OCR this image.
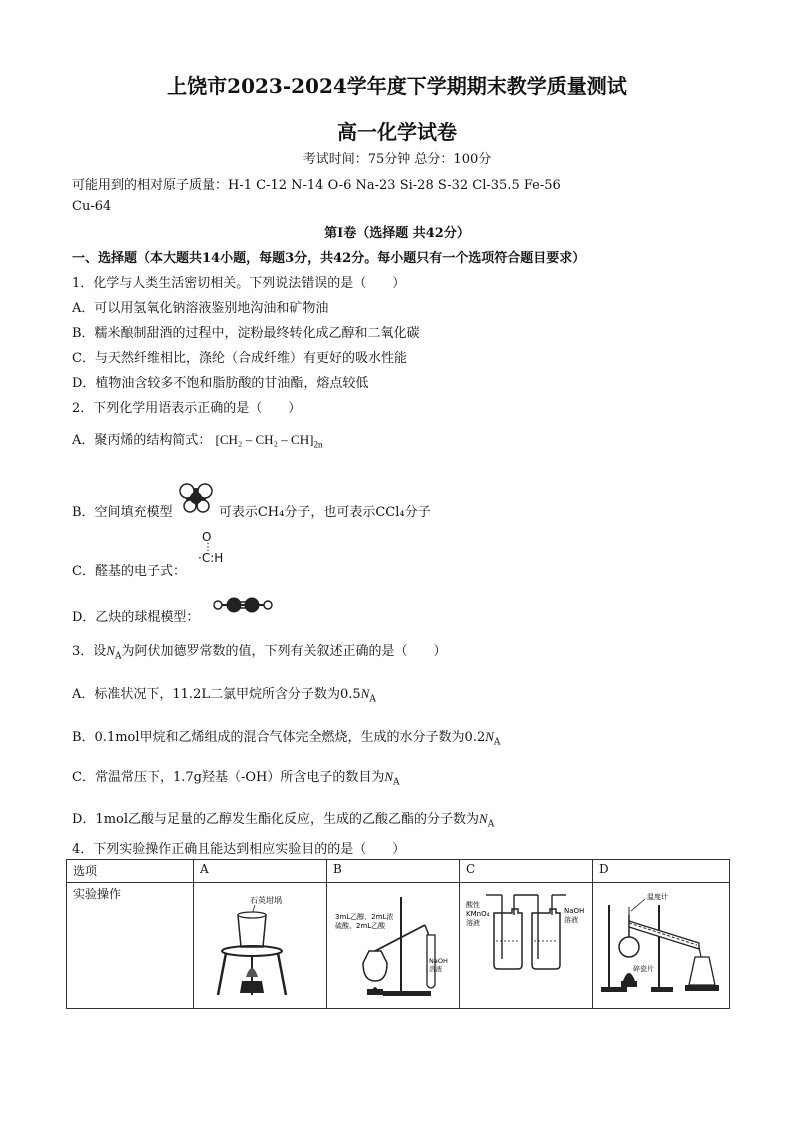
上饶市2023-2024学年度下学期期末教学质量测试
高一化学试卷
考试时间：75分钟 总分：100分
可能用到的相对原子质量：H-1 C-12 N-14 O-6 Na-23 Si-28 S-32 Cl-35.5 Fe-56
Cu-64
第Ⅰ卷（选择题 共42分）
一、选择题（本大题共14小题，每题3分，共42分。每小题只有一个选项符合题目要求）
1．化学与人类生活密切相关。下列说法错误的是（　　）
A．可以用氢氧化钠溶液鉴别地沟油和矿物油
B．糯米酿制甜酒的过程中，淀粉最终转化成乙醇和二氧化碳
C．与天然纤维相比，涤纶（合成纤维）有更好的吸水性能
D．植物油含较多不饱和脂肪酸的甘油酯，熔点较低
2．下列化学用语表示正确的是（　　）
A．聚丙烯的结构简式： $[CH_2 - CH_2 - CH]_{2n}$
B．空间填充模型	可表示CH₄分子，也可表示CCl₄分子
C．醛基的电子式：
O
⋮
·C:H
D．乙炔的球棍模型：
3．设$N_A$为阿伏加德罗常数的值，下列有关叙述正确的是（　　）
A．标准状况下，11.2L二氯甲烷所含分子数为$0.5N_A$
B．0.1mol甲烷和乙烯组成的混合气体完全燃烧，生成的水分子数为$0.2N_A$
C．常温常压下，1.7g羟基（-OH）所含电子的数目为$N_A$
D．1mol乙酸与足量的乙醇发生酯化反应，生成的乙酸乙酯的分子数为$N_A$
4．下列实验操作正确且能达到相应实验目的的是（　　）
选项	A	B	C	D
实验操作	石英坩埚	3mL乙醇、2mL浓
硫酸、2mL乙酸
NaOH
溶液	酸性
KMnO₄
溶液
NaOH
溶液	温度计
碎瓷片
